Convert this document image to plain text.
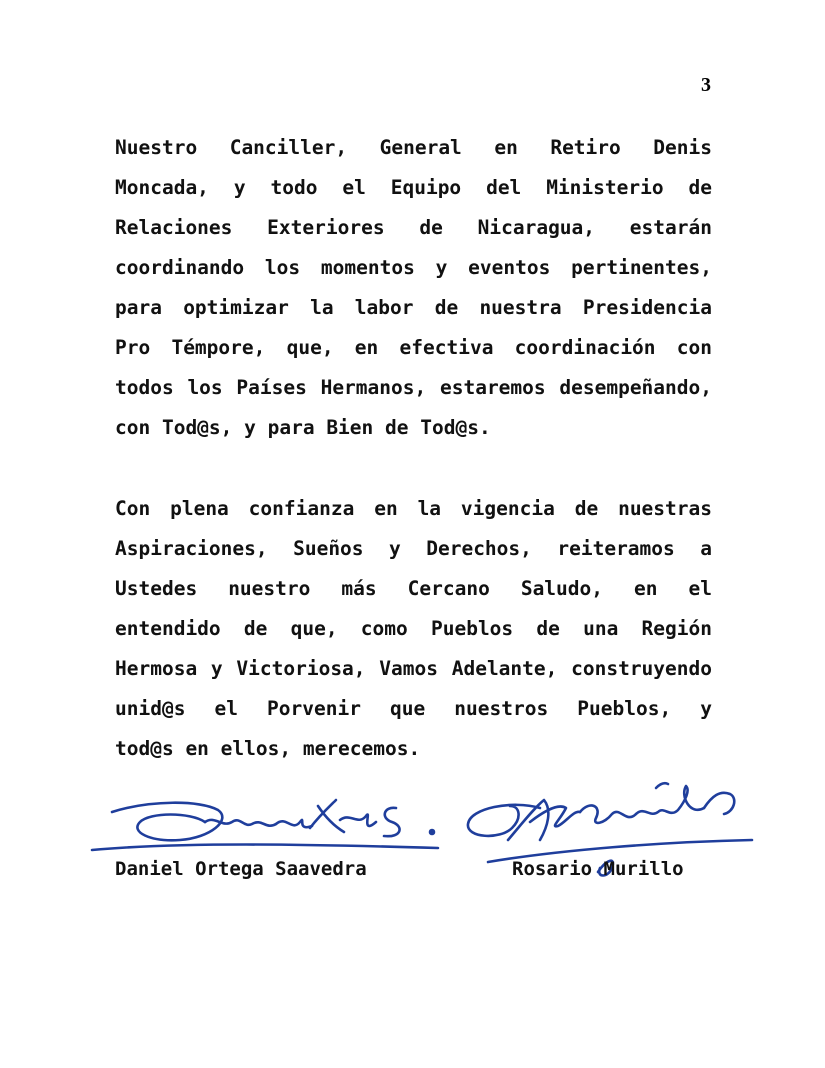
3
Nuestro Canciller, General en Retiro Denis
Moncada, y todo el Equipo del Ministerio de
Relaciones Exteriores de Nicaragua, estarán
coordinando los momentos y eventos pertinentes,
para optimizar la labor de nuestra Presidencia
Pro Témpore, que, en efectiva coordinación con
todos los Países Hermanos, estaremos desempeñando,
con Tod@s, y para Bien de Tod@s.
Con plena confianza en la vigencia de nuestras
Aspiraciones, Sueños y Derechos, reiteramos a
Ustedes nuestro más Cercano Saludo, en el
entendido de que, como Pueblos de una Región
Hermosa y Victoriosa, Vamos Adelante, construyendo
unid@s el Porvenir que nuestros Pueblos, y
tod@s en ellos, merecemos.
Daniel Ortega Saavedra	Rosario Murillo
